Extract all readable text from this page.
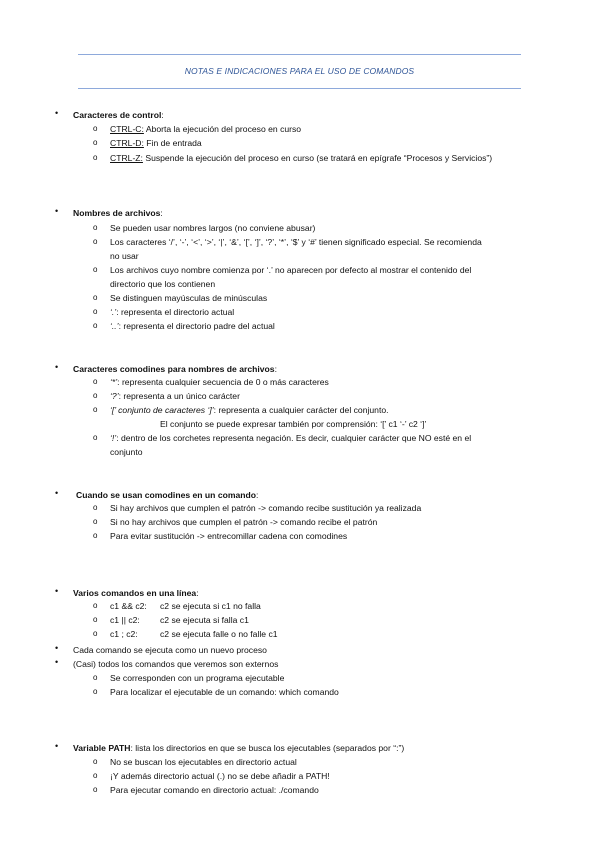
NOTAS E INDICACIONES PARA EL USO DE COMANDOS
• Caracteres de control:
o CTRL-C: Aborta la ejecución del proceso en curso
o CTRL-D: Fin de entrada
o CTRL-Z: Suspende la ejecución del proceso en curso (se tratará en epígrafe “Procesos y Servicios”)
• Nombres de archivos:
o Se pueden usar nombres largos (no conviene abusar)
o Los caracteres ‘/’, ‘-’, ‘<’, ‘>’, ‘|’, ‘&’, ‘[’, ‘]’, ‘?’, ‘*’, ‘$’ y ‘#’ tienen significado especial. Se recomienda
no usar
o Los archivos cuyo nombre comienza por ‘.’ no aparecen por defecto al mostrar el contenido del
directorio que los contienen
o Se distinguen mayúsculas de minúsculas
o ‘.’: representa el directorio actual
o ‘..’: representa el directorio padre del actual
• Caracteres comodines para nombres de archivos:
o ‘*’: representa cualquier secuencia de 0 o más caracteres
o ‘?’: representa a un único carácter
o ‘[’ conjunto de caracteres ‘]’: representa a cualquier carácter del conjunto.
El conjunto se puede expresar también por comprensión: ‘[’ c1 ‘-’ c2 ‘]’
o ‘!’: dentro de los corchetes representa negación. Es decir, cualquier carácter que NO esté en el
conjunto
• Cuando se usan comodines en un comando:
o Si hay archivos que cumplen el patrón -> comando recibe sustitución ya realizada
o Si no hay archivos que cumplen el patrón -> comando recibe el patrón
o Para evitar sustitución -> entrecomillar cadena con comodines
• Varios comandos en una línea:
o c1 && c2: c2 se ejecuta si c1 no falla
o c1 || c2: c2 se ejecuta si falla c1
o c1 ; c2:	c2 se ejecuta falle o no falle c1
• Cada comando se ejecuta como un nuevo proceso
• (Casi) todos los comandos que veremos son externos
o Se corresponden con un programa ejecutable
o Para localizar el ejecutable de un comando: which comando
• Variable PATH: lista los directorios en que se busca los ejecutables (separados por “:”)
o No se buscan los ejecutables en directorio actual
o ¡Y además directorio actual (.) no se debe añadir a PATH!
o Para ejecutar comando en directorio actual: ./comando
